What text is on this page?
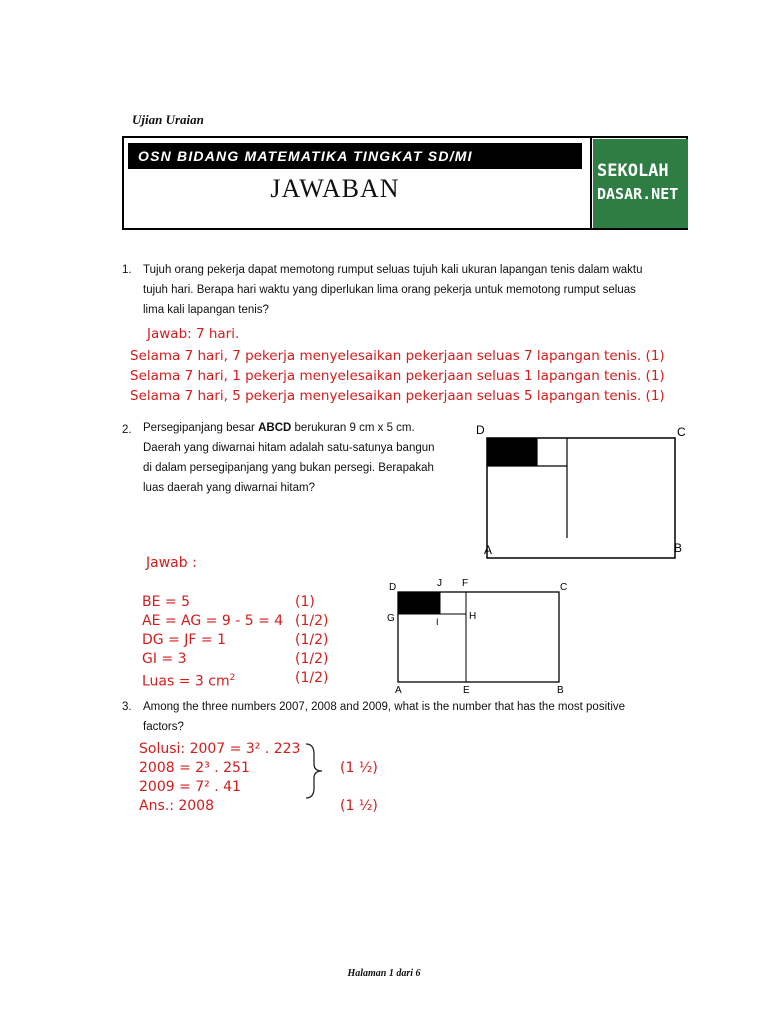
Ujian Uraian
OSN BIDANG MATEMATIKA TINGKAT SD/MI
JAWABAN
SEKOLAH
DASAR.NET
1. Tujuh orang pekerja dapat memotong rumput seluas tujuh kali ukuran lapangan tenis dalam waktu
tujuh hari. Berapa hari waktu yang diperlukan lima orang pekerja untuk memotong rumput seluas
lima kali lapangan tenis?
Jawab: 7 hari.
Selama 7 hari, 7 pekerja menyelesaikan pekerjaan seluas 7 lapangan tenis. (1)
Selama 7 hari, 1 pekerja menyelesaikan pekerjaan seluas 1 lapangan tenis. (1)
Selama 7 hari, 5 pekerja menyelesaikan pekerjaan seluas 5 lapangan tenis. (1)
2. Persegipanjang besar ABCD berukuran 9 cm x 5 cm.
Daerah yang diwarnai hitam adalah satu-satunya bangun
di dalam persegipanjang yang bukan persegi. Berapakah
luas daerah yang diwarnai hitam?
D	C
A	B
Jawab :
BE = 5	(1)
AE = AG = 9 - 5 = 4 (1/2)
DG = JF = 1	(1/2)
GI = 3	(1/2)
Luas = 3 $cm^2$	(1/2)
D	J F	C
G	I	H
A	E	B
3. Among the three numbers 2007, 2008 and 2009, what is the number that has the most positive
factors?
Solusi: 2007 = 3² . 223
2008 = 2³ . 251
2009 = 7² . 41
Ans.: 2008
(1 ½)
(1 ½)
Halaman 1 dari 6
